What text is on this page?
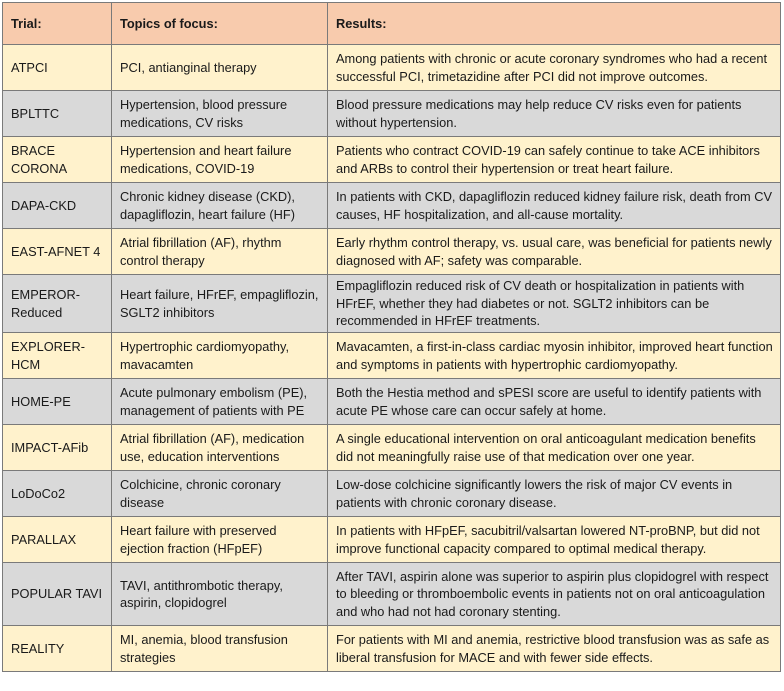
Trial:	Topics of focus:	Results:
ATPCI	PCI, antianginal therapy	Among patients with chronic or acute coronary syndromes who had a recent successful PCI, trimetazidine after PCI did not improve outcomes.
BPLTTC	Hypertension, blood pressure medications, CV risks	Blood pressure medications may help reduce CV risks even for patients without hypertension.
BRACE CORONA	Hypertension and heart failure medications, COVID-19	Patients who contract COVID-19 can safely continue to take ACE inhibitors and ARBs to control their hypertension or treat heart failure.
DAPA-CKD	Chronic kidney disease (CKD), dapagliflozin, heart failure (HF)	In patients with CKD, dapagliflozin reduced kidney failure risk, death from CV causes, HF hospitalization, and all-cause mortality.
EAST-AFNET 4	Atrial fibrillation (AF), rhythm control therapy	Early rhythm control therapy, vs. usual care, was beneficial for patients newly diagnosed with AF; safety was comparable.
EMPEROR-Reduced	Heart failure, HFrEF, empagliflozin, SGLT2 inhibitors	Empagliflozin reduced risk of CV death or hospitalization in patients with HFrEF, whether they had diabetes or not. SGLT2 inhibitors can be recommended in HFrEF treatments.
EXPLORER-HCM	Hypertrophic cardiomyopathy, mavacamten	Mavacamten, a first-in-class cardiac myosin inhibitor, improved heart function and symptoms in patients with hypertrophic cardiomyopathy.
HOME-PE	Acute pulmonary embolism (PE), management of patients with PE	Both the Hestia method and sPESI score are useful to identify patients with acute PE whose care can occur safely at home.
IMPACT-AFib	Atrial fibrillation (AF), medication use, education interventions	A single educational intervention on oral anticoagulant medication benefits did not meaningfully raise use of that medication over one year.
LoDoCo2	Colchicine, chronic coronary disease	Low-dose colchicine significantly lowers the risk of major CV events in patients with chronic coronary disease.
PARALLAX	Heart failure with preserved ejection fraction (HFpEF)	In patients with HFpEF, sacubitril/valsartan lowered NT-proBNP, but did not improve functional capacity compared to optimal medical therapy.
POPULAR TAVI	TAVI, antithrombotic therapy, aspirin, clopidogrel	After TAVI, aspirin alone was superior to aspirin plus clopidogrel with respect to bleeding or thromboembolic events in patients not on oral anticoagulation and who had not had coronary stenting.
REALITY	MI, anemia, blood transfusion strategies	For patients with MI and anemia, restrictive blood transfusion was as safe as liberal transfusion for MACE and with fewer side effects.
